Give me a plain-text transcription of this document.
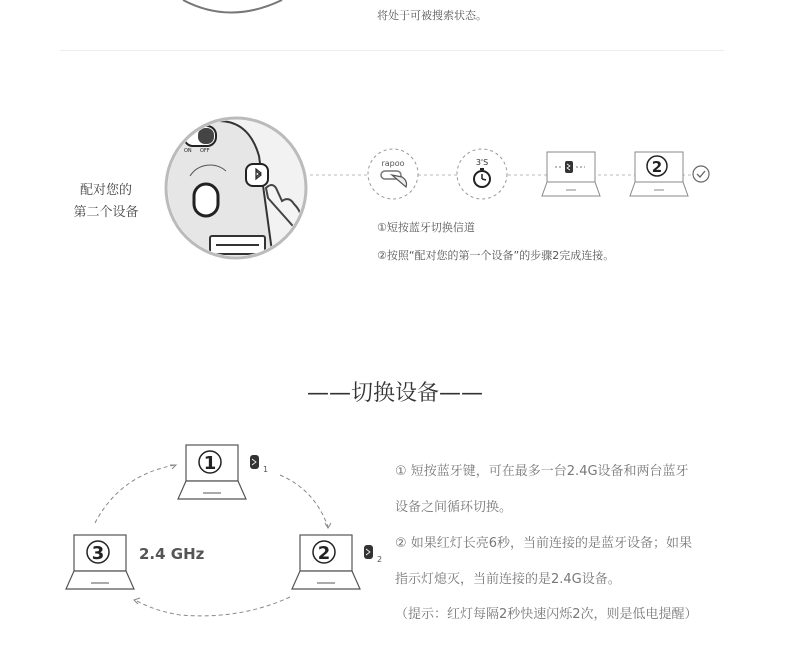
将处于可被搜索状态。
配对您的
第二个设备
ON OFF
rapoo	3'S	2
①短按蓝牙切换信道
②按照“配对您的第一个设备”的步骤2完成连接。
——切换设备——
1	1
2	2
3 2.4 GHz
① 短按蓝牙键，可在最多一台2.4G设备和两台蓝牙
设备之间循环切换。
② 如果红灯长亮6秒，当前连接的是蓝牙设备；如果
指示灯熄灭，当前连接的是2.4G设备。
（提示：红灯每隔2秒快速闪烁2次，则是低电提醒）
